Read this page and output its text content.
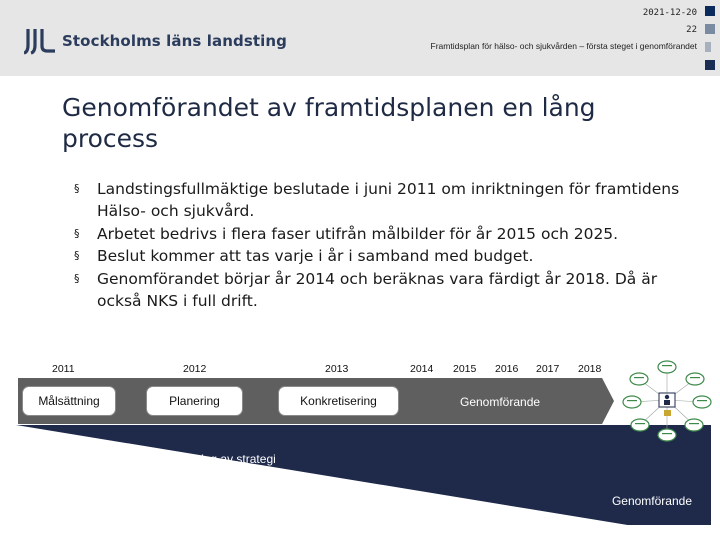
Stockholms läns landsting
2021-12-20
22
Framtidsplan för hälso- och sjukvården – första steget i genomförandet
Genomförandet av framtidsplanen en lång process
§ Landstingsfullmäktige beslutade i juni 2011 om inriktningen för framtidens Hälso- och sjukvård.
§ Arbetet bedrivs i flera faser utifrån målbilder för år 2015 och 2025.
§ Beslut kommer att tas varje i år i samband med budget.
§ Genomförandet börjar år 2014 och beräknas vara färdigt år 2018. Då är också NKS i full drift.
2011	2012	2013	2014 2015 2016 2017 2018
Målsättning	Planering	Konkretisering	Genomförande
Etablering av målbild & formulering av strategi
Genomförande
